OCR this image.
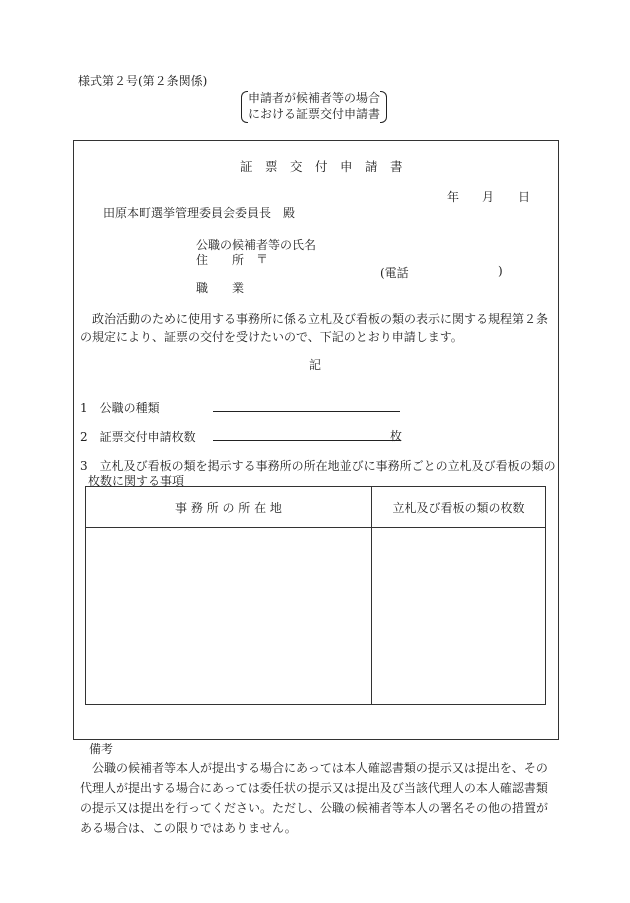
様式第２号(第２条関係)
申請者が候補者等の場合
における証票交付申請書
証票交付申請書
年 月 日
田原本町選挙管理委員会委員長　殿
公職の候補者等の氏名
住　　所 〒
(電話	)
職　　業
　政治活動のために使用する事務所に係る立札及び看板の類の表示に関する規程第２条の規定により、証票の交付を受けたいので、下記のとおり申請します。
記
1　公職の種類
2　証票交付申請枚数	枚
3　立札及び看板の類を掲示する事務所の所在地並びに事務所ごとの立札及び看板の類の
枚数に関する事項
事 務 所 の 所 在 地	立札及び看板の類の枚数

備考
　公職の候補者等本人が提出する場合にあっては本人確認書類の提示又は提出を、その代理人が提出する場合にあっては委任状の提示又は提出及び当該代理人の本人確認書類の提示又は提出を行ってください。ただし、公職の候補者等本人の署名その他の措置がある場合は、この限りではありません。
